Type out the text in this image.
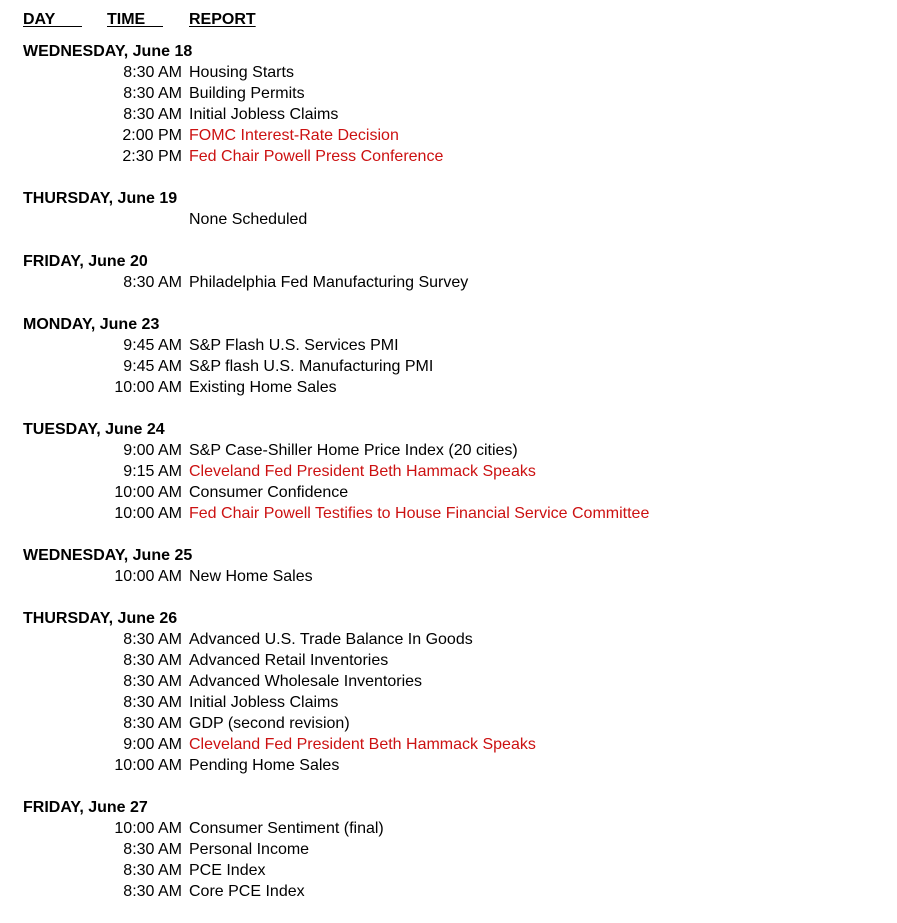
DAY TIME REPORT
WEDNESDAY, June 18
8:30 AM Housing Starts
8:30 AM Building Permits
8:30 AM Initial Jobless Claims
2:00 PM FOMC Interest-Rate Decision
2:30 PM Fed Chair Powell Press Conference
THURSDAY, June 19
None Scheduled
FRIDAY, June 20
8:30 AM Philadelphia Fed Manufacturing Survey
MONDAY, June 23
9:45 AM S&P Flash U.S. Services PMI
9:45 AM S&P flash U.S. Manufacturing PMI
10:00 AM Existing Home Sales
TUESDAY, June 24
9:00 AM S&P Case-Shiller Home Price Index (20 cities)
9:15 AM Cleveland Fed President Beth Hammack Speaks
10:00 AM Consumer Confidence
10:00 AM Fed Chair Powell Testifies to House Financial Service Committee
WEDNESDAY, June 25
10:00 AM New Home Sales
THURSDAY, June 26
8:30 AM Advanced U.S. Trade Balance In Goods
8:30 AM Advanced Retail Inventories
8:30 AM Advanced Wholesale Inventories
8:30 AM Initial Jobless Claims
8:30 AM GDP (second revision)
9:00 AM Cleveland Fed President Beth Hammack Speaks
10:00 AM Pending Home Sales
FRIDAY, June 27
10:00 AM Consumer Sentiment (final)
8:30 AM Personal Income
8:30 AM PCE Index
8:30 AM Core PCE Index
